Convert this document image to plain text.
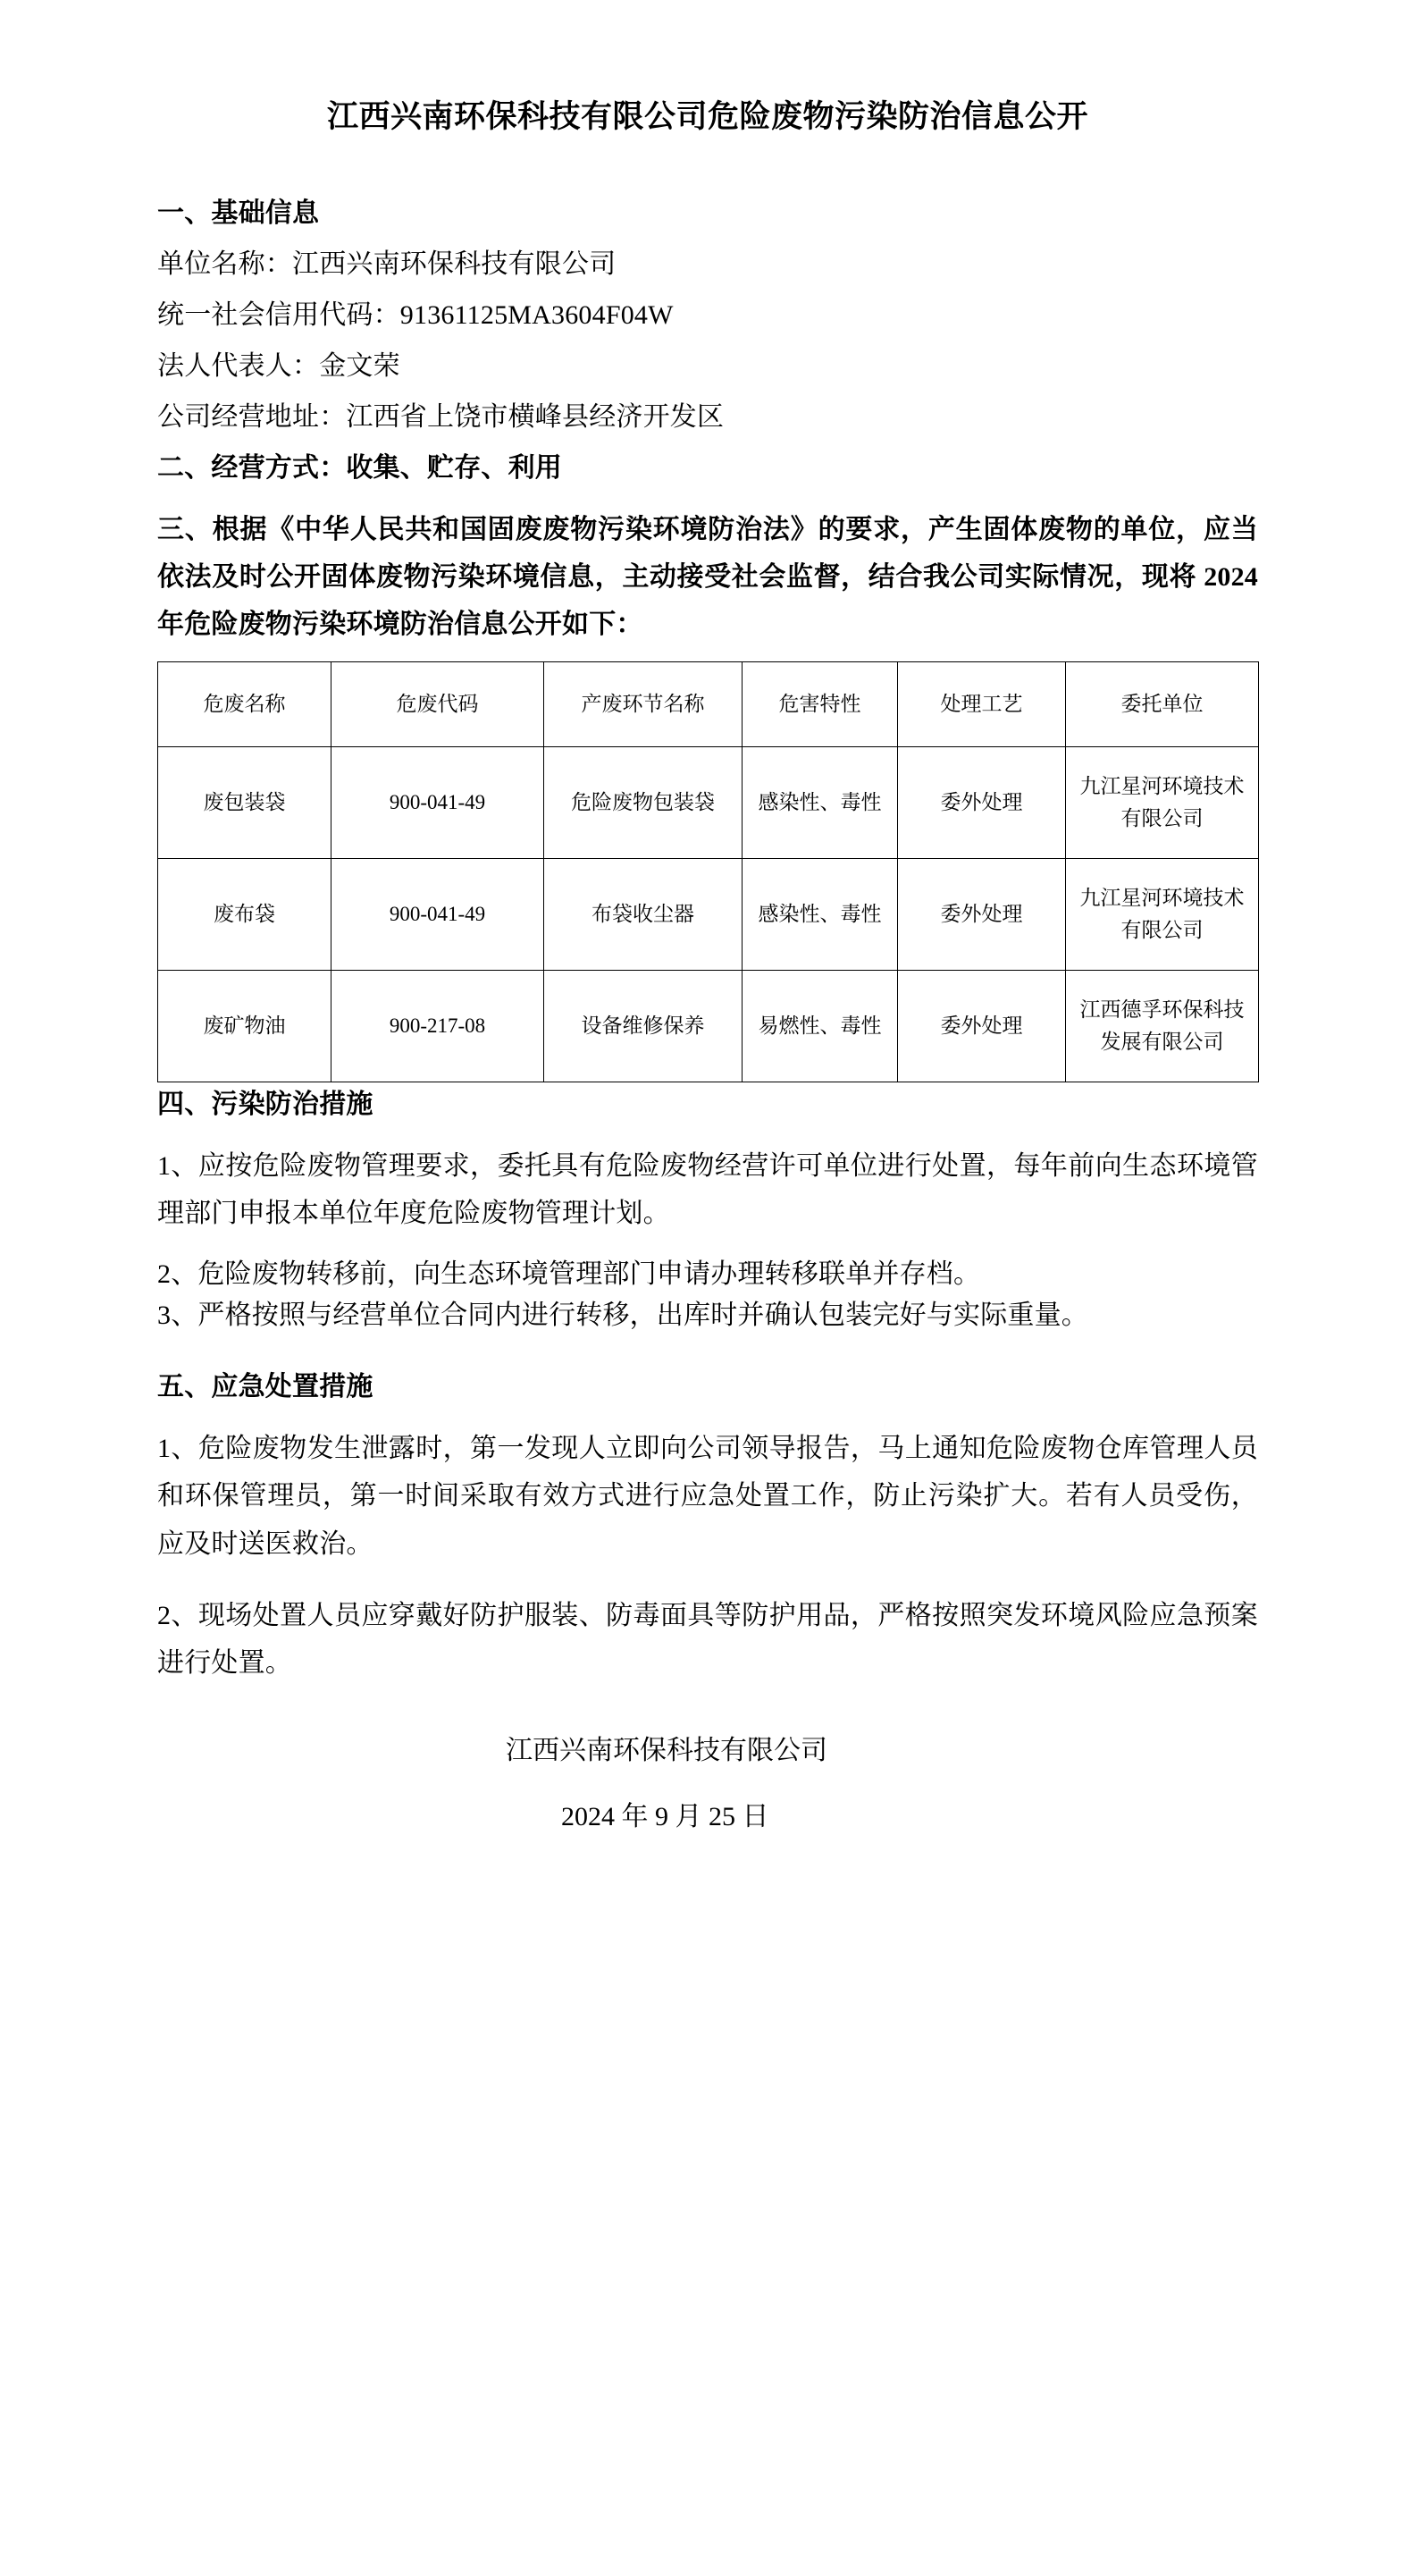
江西兴南环保科技有限公司危险废物污染防治信息公开

一、基础信息

单位名称：江西兴南环保科技有限公司

统一社会信用代码：91361125MA3604F04W

法人代表人：金文荣

公司经营地址：江西省上饶市横峰县经济开发区

二、经营方式：收集、贮存、利用

三、根据《中华人民共和国固废废物污染环境防治法》的要求，产生固体废物的单位，应当依法及时公开固体废物污染环境信息，主动接受社会监督，结合我公司实际情况，现将 2024 年危险废物污染环境防治信息公开如下：

危废名称	危废代码	产废环节名称	危害特性	处理工艺	委托单位
废包装袋	900-041-49	危险废物包装袋	感染性、毒性	委外处理	九江星河环境技术有限公司
废布袋	900-041-49	布袋收尘器	感染性、毒性	委外处理	九江星河环境技术有限公司
废矿物油	900-217-08	设备维修保养	易燃性、毒性	委外处理	江西德孚环保科技发展有限公司

四、污染防治措施

1、应按危险废物管理要求，委托具有危险废物经营许可单位进行处置，每年前向生态环境管理部门申报本单位年度危险废物管理计划。

2、危险废物转移前，向生态环境管理部门申请办理转移联单并存档。

3、严格按照与经营单位合同内进行转移，出库时并确认包装完好与实际重量。

五、应急处置措施

1、危险废物发生泄露时，第一发现人立即向公司领导报告，马上通知危险废物仓库管理人员和环保管理员，第一时间采取有效方式进行应急处置工作，防止污染扩大。若有人员受伤，应及时送医救治。

2、现场处置人员应穿戴好防护服装、防毒面具等防护用品，严格按照突发环境风险应急预案进行处置。

江西兴南环保科技有限公司
2024 年 9 月 25 日
